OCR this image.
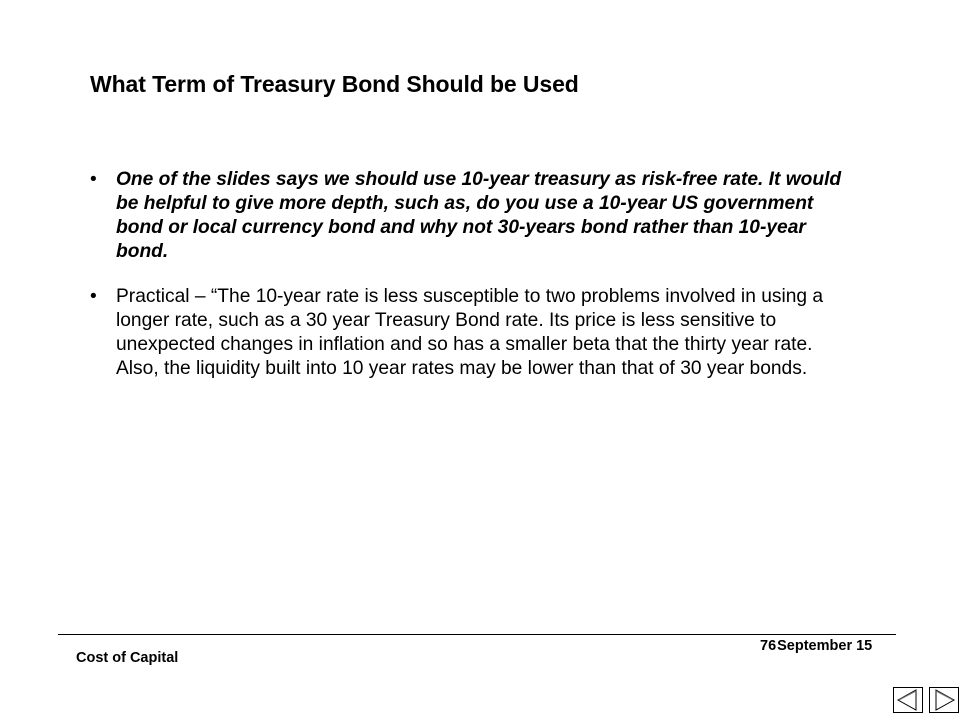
What Term of Treasury Bond Should be Used
• One of the slides says we should use 10-year treasury as risk-free rate. It would be helpful to give more depth, such as, do you use a 10-year US government bond or local currency bond and why not 30-years bond rather than 10-year bond.
• Practical – “The 10-year rate is less susceptible to two problems involved in using a longer rate, such as a 30 year Treasury Bond rate. Its price is less sensitive to unexpected changes in inflation and so has a smaller beta that the thirty year rate. Also, the liquidity built into 10 year rates may be lower than that of 30 year bonds.
Cost of Capital
76September 15
